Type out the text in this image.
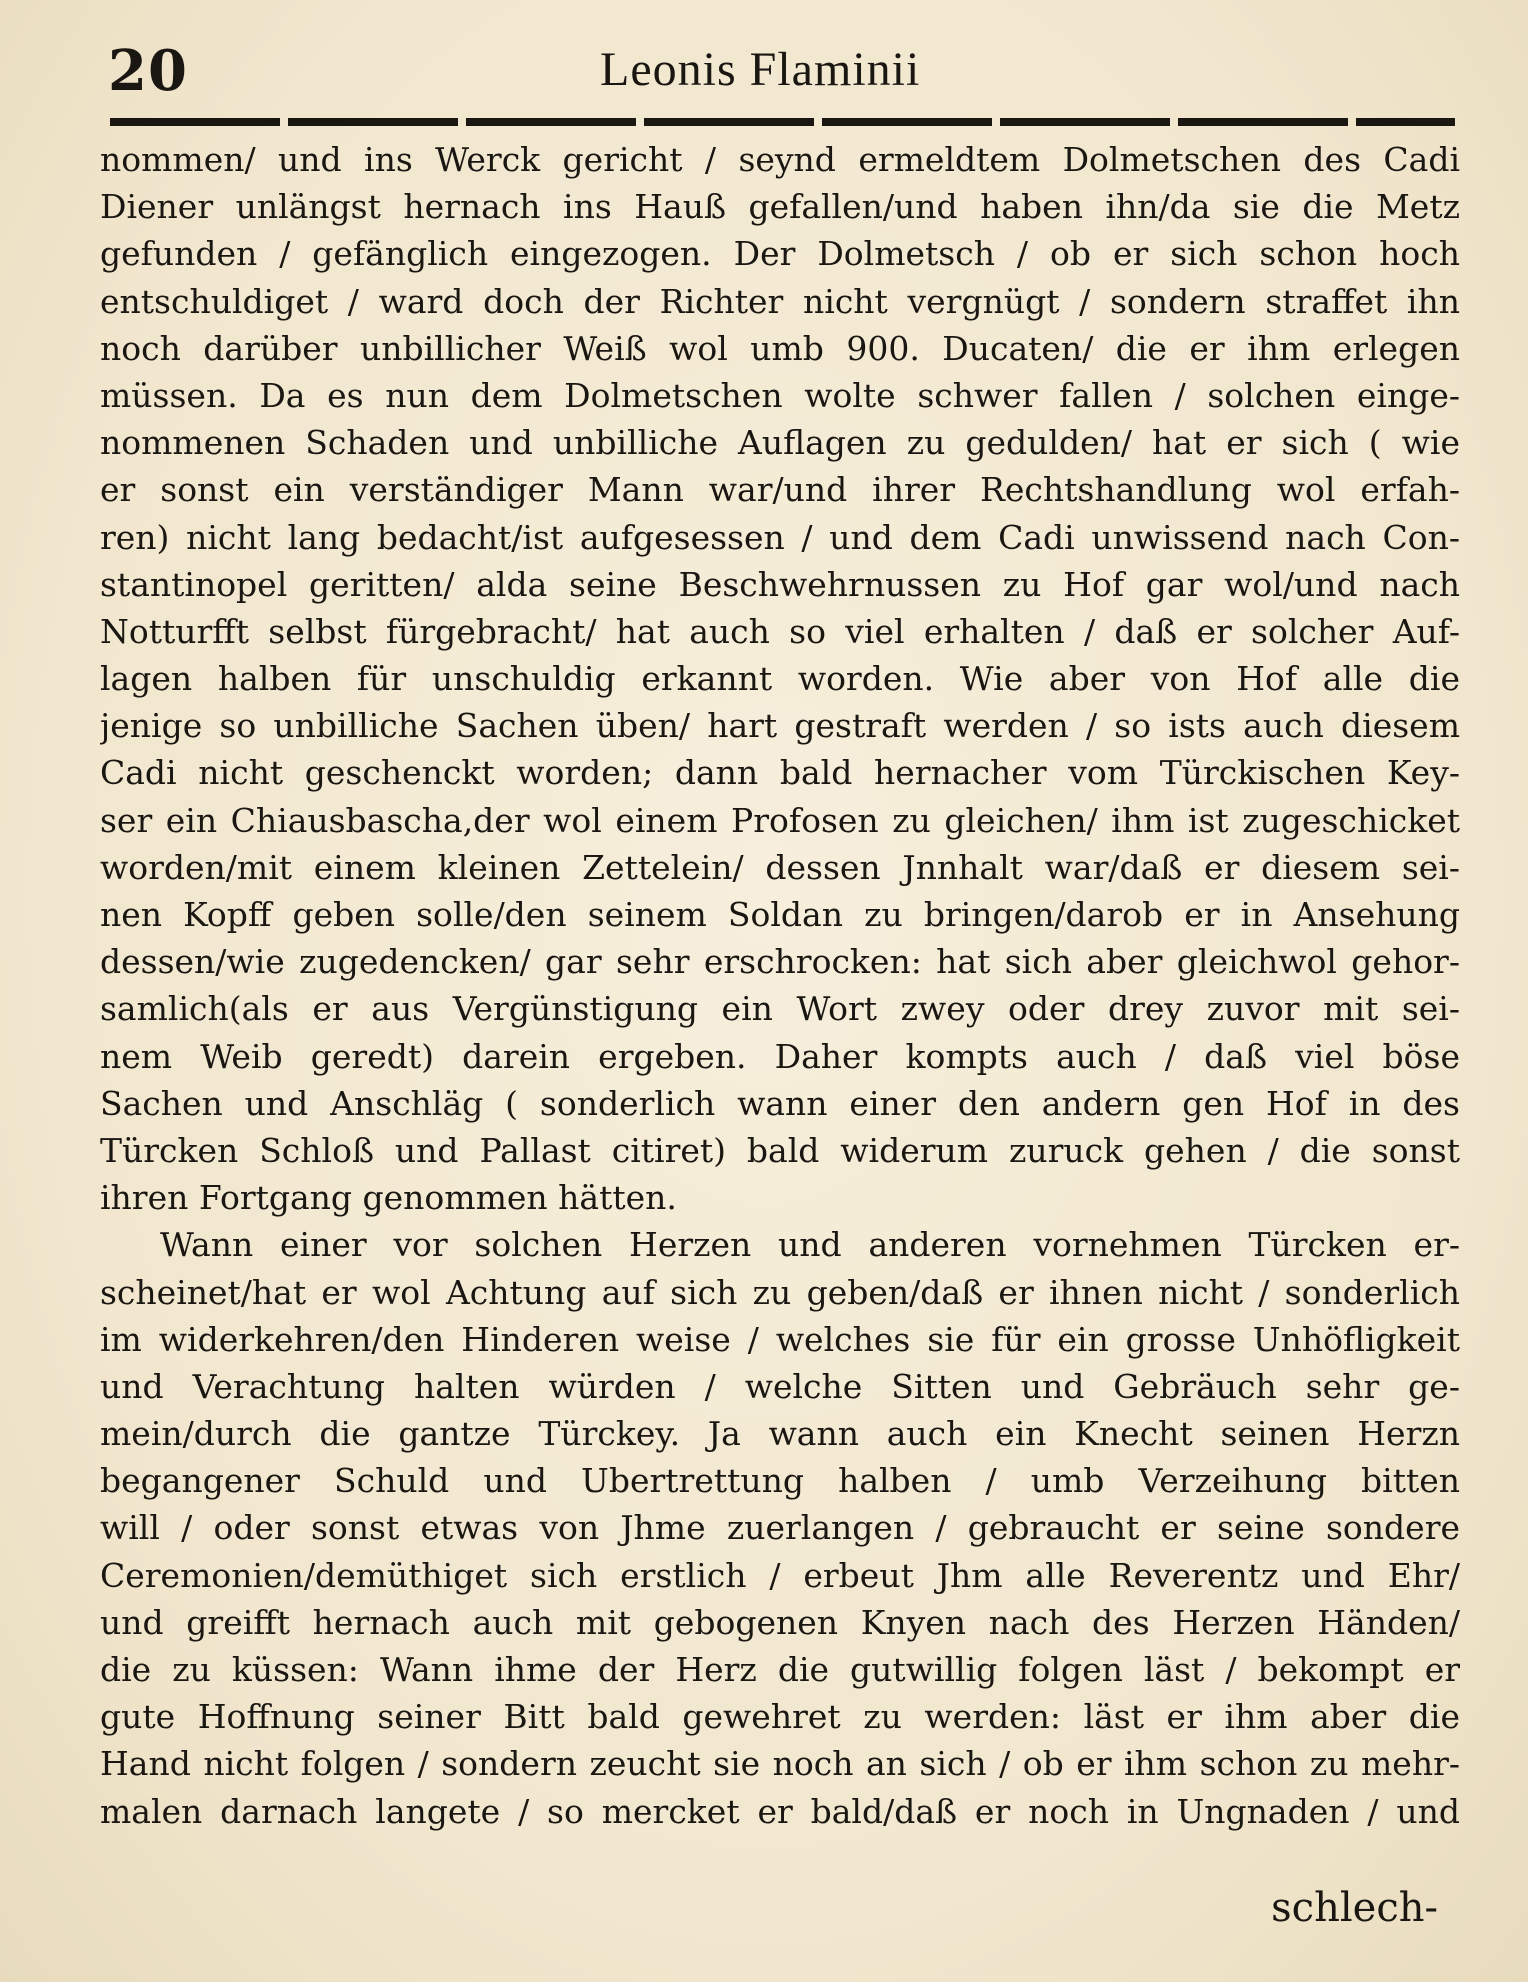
20	Leonis Flaminii
nommen/ und ins Werck gericht / seynd ermeldtem Dolmetschen des Cadi
Diener unlängst hernach ins Hauß gefallen/und haben ihn/da sie die Metz
gefunden / gefänglich eingezogen. Der Dolmetsch / ob er sich schon hoch
entschuldiget / ward doch der Richter nicht vergnügt / sondern straffet ihn
noch darüber unbillicher Weiß wol umb 900. Ducaten/ die er ihm erlegen
müssen. Da es nun dem Dolmetschen wolte schwer fallen / solchen einge-
nommenen Schaden und unbilliche Auflagen zu gedulden/ hat er sich ( wie
er sonst ein verständiger Mann war/und ihrer Rechtshandlung wol erfah-
ren) nicht lang bedacht/ist aufgesessen / und dem Cadi unwissend nach Con-
stantinopel geritten/ alda seine Beschwehrnussen zu Hof gar wol/und nach
Notturfft selbst fürgebracht/ hat auch so viel erhalten / daß er solcher Auf-
lagen halben für unschuldig erkannt worden. Wie aber von Hof alle die
jenige so unbilliche Sachen üben/ hart gestraft werden / so ists auch diesem
Cadi nicht geschenckt worden; dann bald hernacher vom Türckischen Key-
ser ein Chiausbascha,der wol einem Profosen zu gleichen/ ihm ist zugeschicket
worden/mit einem kleinen Zettelein/ dessen Jnnhalt war/daß er diesem sei-
nen Kopff geben solle/den seinem Soldan zu bringen/darob er in Ansehung
dessen/wie zugedencken/ gar sehr erschrocken: hat sich aber gleichwol gehor-
samlich(als er aus Vergünstigung ein Wort zwey oder drey zuvor mit sei-
nem Weib geredt) darein ergeben. Daher kompts auch / daß viel böse
Sachen und Anschläg ( sonderlich wann einer den andern gen Hof in des
Türcken Schloß und Pallast citiret) bald widerum zuruck gehen / die sonst
ihren Fortgang genommen hätten.
Wann einer vor solchen Herzen und anderen vornehmen Türcken er-
scheinet/hat er wol Achtung auf sich zu geben/daß er ihnen nicht / sonderlich
im widerkehren/den Hinderen weise / welches sie für ein grosse Unhöfligkeit
und Verachtung halten würden / welche Sitten und Gebräuch sehr ge-
mein/durch die gantze Türckey. Ja wann auch ein Knecht seinen Herzn
begangener Schuld und Ubertrettung halben / umb Verzeihung bitten
will / oder sonst etwas von Jhme zuerlangen / gebraucht er seine sondere
Ceremonien/demüthiget sich erstlich / erbeut Jhm alle Reverentz und Ehr/
und greifft hernach auch mit gebogenen Knyen nach des Herzen Händen/
die zu küssen: Wann ihme der Herz die gutwillig folgen läst / bekompt er
gute Hoffnung seiner Bitt bald gewehret zu werden: läst er ihm aber die
Hand nicht folgen / sondern zeucht sie noch an sich / ob er ihm schon zu mehr-
malen darnach langete / so mercket er bald/daß er noch in Ungnaden / und
schlech-
